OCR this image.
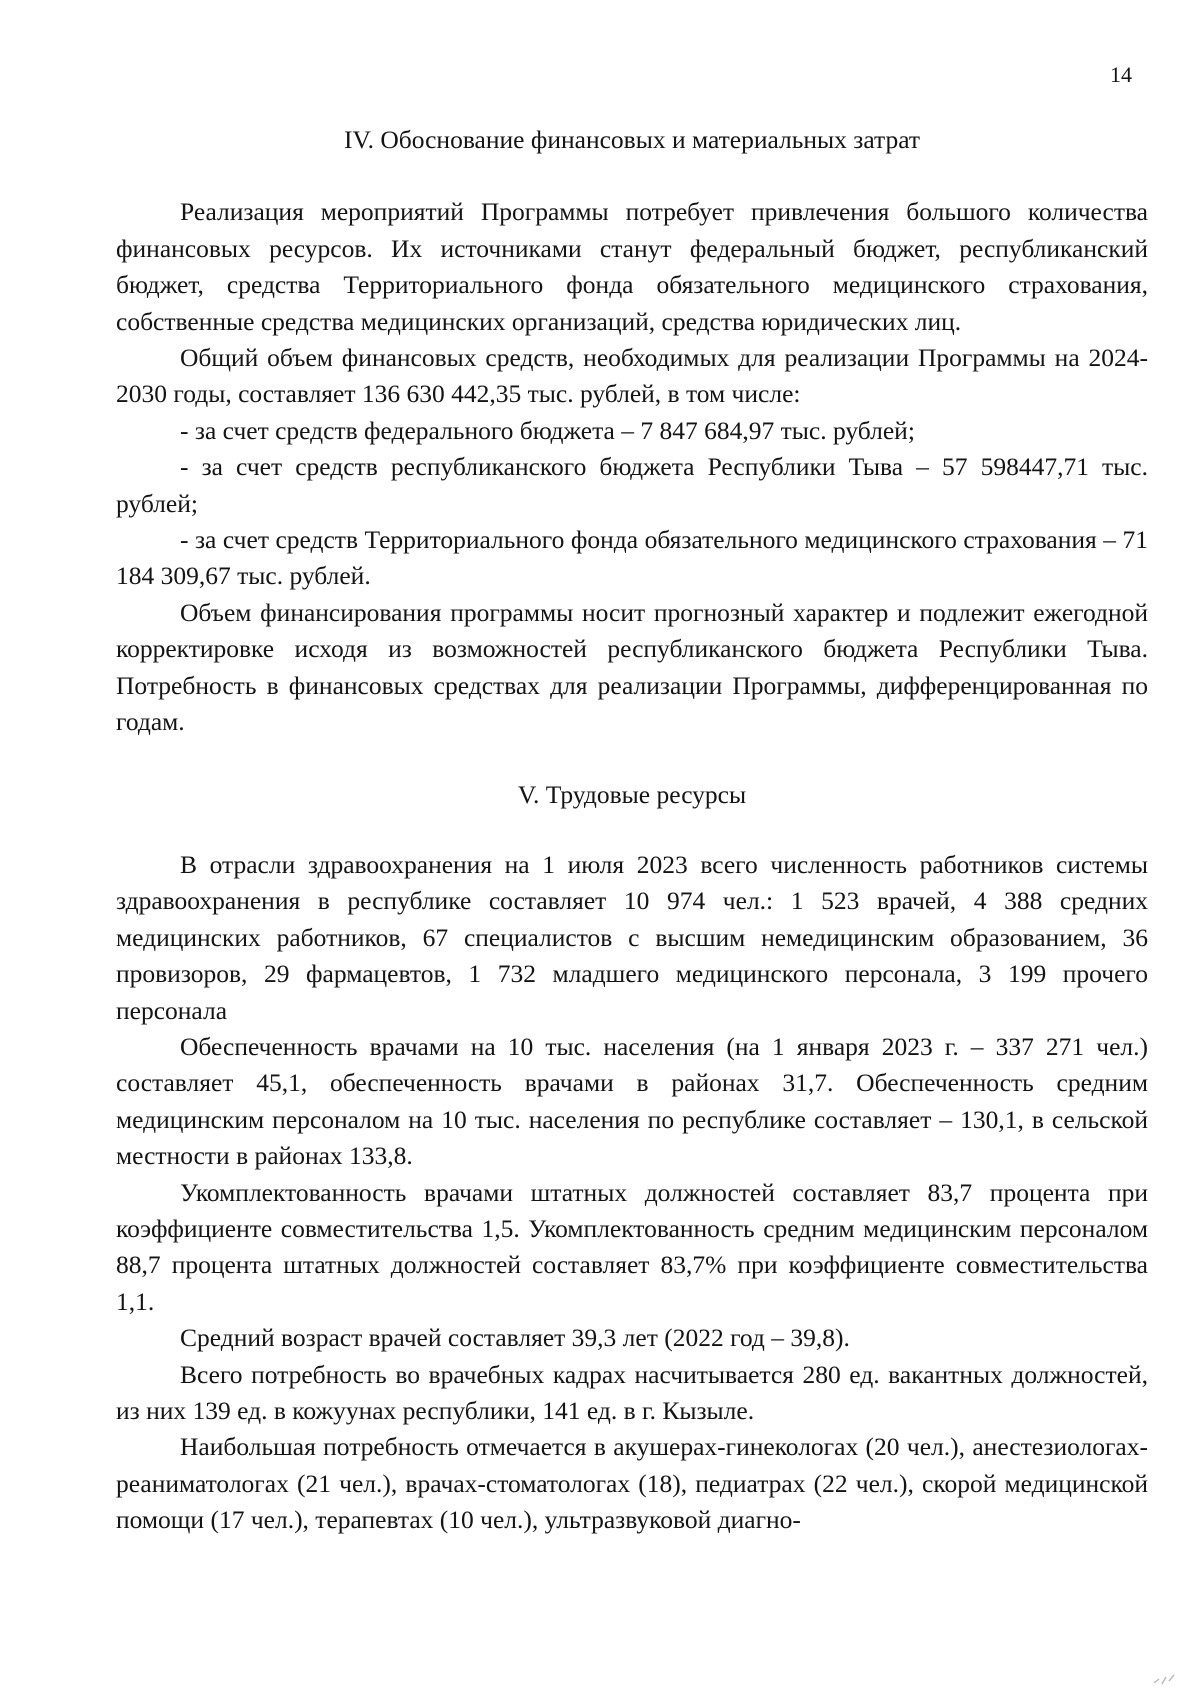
14
IV. Обоснование финансовых и материальных затрат

Реализация мероприятий Программы потребует привлечения большого количества финансовых ресурсов. Их источниками станут федеральный бюджет, республиканский бюджет, средства Территориального фонда обязательного медицинского страхования, собственные средства медицинских организаций, средства юридических лиц.

Общий объем финансовых средств, необходимых для реализации Программы на 2024-2030 годы, составляет 136 630 442,35 тыс. рублей, в том числе:

- за счет средств федерального бюджета – 7 847 684,97 тыс. рублей;

- за счет средств республиканского бюджета Республики Тыва – 57 598447,71 тыс. рублей;

- за счет средств Территориального фонда обязательного медицинского страхования – 71 184 309,67 тыс. рублей.

Объем финансирования программы носит прогнозный характер и подлежит ежегодной корректировке исходя из возможностей республиканского бюджета Республики Тыва. Потребность в финансовых средствах для реализации Программы, дифференцированная по годам.

V. Трудовые ресурсы

В отрасли здравоохранения на 1 июля 2023 всего численность работников системы здравоохранения в республике составляет 10 974 чел.: 1 523 врачей, 4 388 средних медицинских работников, 67 специалистов с высшим немедицинским образованием, 36 провизоров, 29 фармацевтов, 1 732 младшего медицинского персонала, 3 199 прочего персонала

Обеспеченность врачами на 10 тыс. населения (на 1 января 2023 г. – 337 271 чел.) составляет 45,1, обеспеченность врачами в районах 31,7. Обеспеченность средним медицинским персоналом на 10 тыс. населения по республике составляет – 130,1, в сельской местности в районах 133,8.

Укомплектованность врачами штатных должностей составляет 83,7 процента при коэффициенте совместительства 1,5. Укомплектованность средним медицинским персоналом 88,7 процента штатных должностей составляет 83,7% при коэффициенте совместительства 1,1.

Средний возраст врачей составляет 39,3 лет (2022 год – 39,8).

Всего потребность во врачебных кадрах насчитывается 280 ед. вакантных должностей, из них 139 ед. в кожуунах республики, 141 ед. в г. Кызыле.

Наибольшая потребность отмечается в акушерах-гинекологах (20 чел.), анестезиологах-реаниматологах (21 чел.), врачах-стоматологах (18), педиатрах (22 чел.), скорой медицинской помощи (17 чел.), терапевтах (10 чел.), ультразвуковой диагно-
